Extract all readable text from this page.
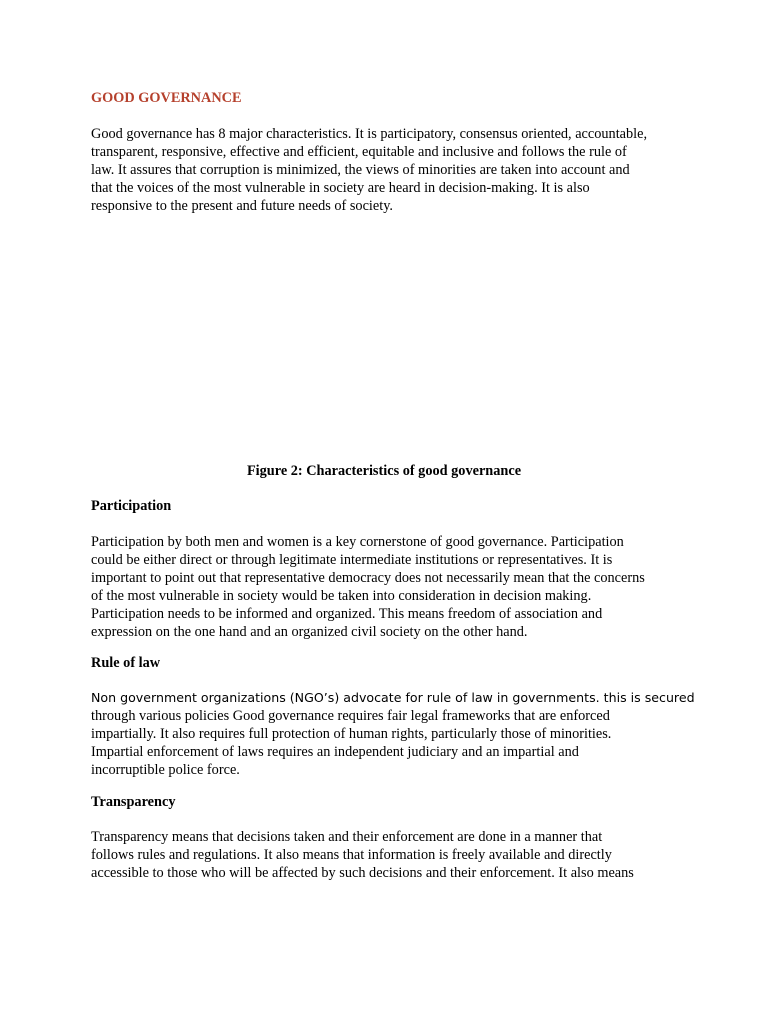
GOOD GOVERNANCE
Good governance has 8 major characteristics. It is participatory, consensus oriented, accountable,
transparent, responsive, effective and efficient, equitable and inclusive and follows the rule of
law. It assures that corruption is minimized, the views of minorities are taken into account and
that the voices of the most vulnerable in society are heard in decision-making. It is also
responsive to the present and future needs of society.
Figure 2: Characteristics of good governance
Participation
Participation by both men and women is a key cornerstone of good governance. Participation
could be either direct or through legitimate intermediate institutions or representatives. It is
important to point out that representative democracy does not necessarily mean that the concerns
of the most vulnerable in society would be taken into consideration in decision making.
Participation needs to be informed and organized. This means freedom of association and
expression on the one hand and an organized civil society on the other hand.
Rule of law
Non government organizations (NGO’s) advocate for rule of law in governments. this is secured
through various policies Good governance requires fair legal frameworks that are enforced
impartially. It also requires full protection of human rights, particularly those of minorities.
Impartial enforcement of laws requires an independent judiciary and an impartial and
incorruptible police force.
Transparency
Transparency means that decisions taken and their enforcement are done in a manner that
follows rules and regulations. It also means that information is freely available and directly
accessible to those who will be affected by such decisions and their enforcement. It also means
